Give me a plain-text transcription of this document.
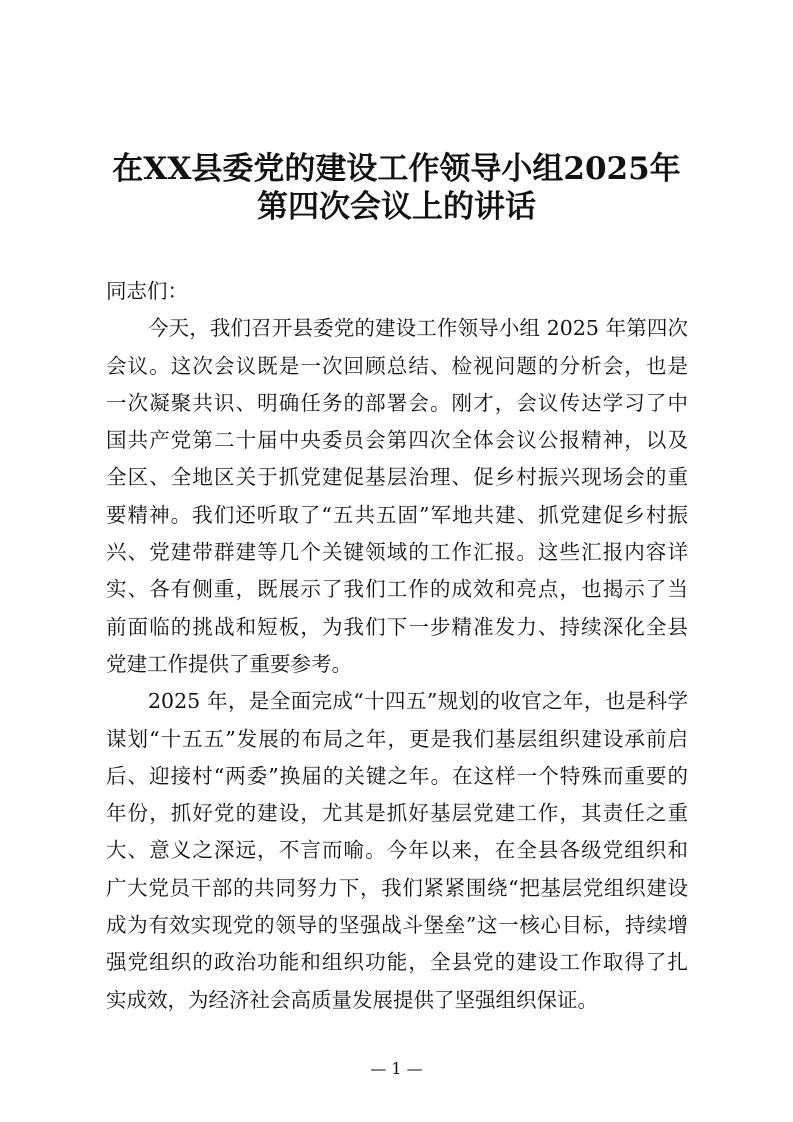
在XX县委党的建设工作领导小组2025年
第四次会议上的讲话
同志们：
今天，我们召开县委党的建设工作领导小组 2025 年第四次
会议。这次会议既是一次回顾总结、检视问题的分析会，也是
一次凝聚共识、明确任务的部署会。刚才，会议传达学习了中
国共产党第二十届中央委员会第四次全体会议公报精神，以及
全区、全地区关于抓党建促基层治理、促乡村振兴现场会的重
要精神。我们还听取了“五共五固”军地共建、抓党建促乡村振
兴、党建带群建等几个关键领域的工作汇报。这些汇报内容详
实、各有侧重，既展示了我们工作的成效和亮点，也揭示了当
前面临的挑战和短板，为我们下一步精准发力、持续深化全县
党建工作提供了重要参考。
2025 年，是全面完成“十四五”规划的收官之年，也是科学
谋划“十五五”发展的布局之年，更是我们基层组织建设承前启
后、迎接村“两委”换届的关键之年。在这样一个特殊而重要的
年份，抓好党的建设，尤其是抓好基层党建工作，其责任之重
大、意义之深远，不言而喻。今年以来，在全县各级党组织和
广大党员干部的共同努力下，我们紧紧围绕“把基层党组织建设
成为有效实现党的领导的坚强战斗堡垒”这一核心目标，持续增
强党组织的政治功能和组织功能，全县党的建设工作取得了扎
实成效，为经济社会高质量发展提供了坚强组织保证。
— 1 —
